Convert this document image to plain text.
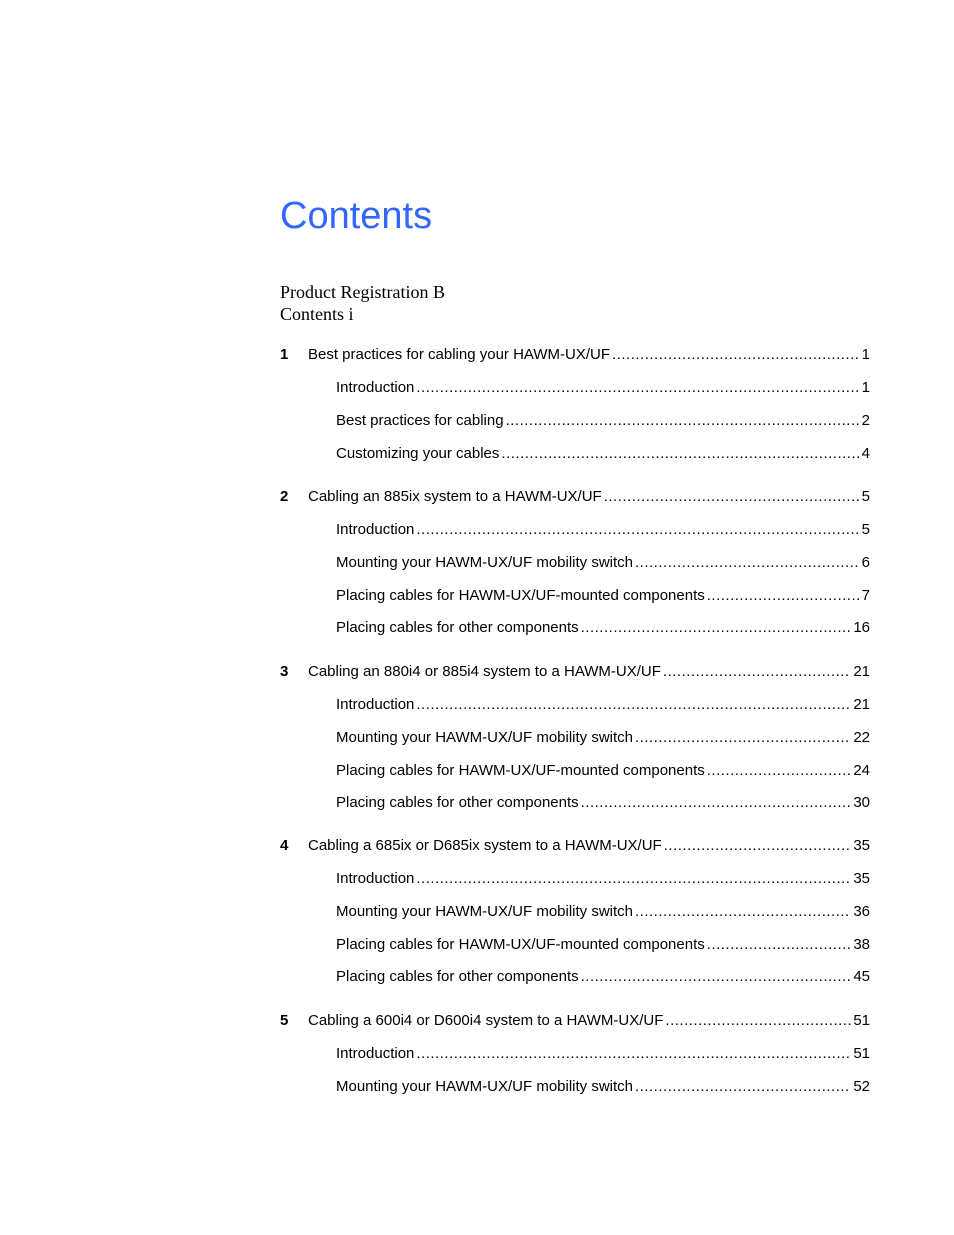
Contents
Product Registration B
Contents i
1 Best practices for cabling your HAWM-UX/UF .....	1
Introduction .....	1
Best practices for cabling .....	2
Customizing your cables .....	4
2 Cabling an 885ix system to a HAWM-UX/UF .....	5
Introduction .....	5
Mounting your HAWM-UX/UF mobility switch .....	6
Placing cables for HAWM-UX/UF-mounted components .....	7
Placing cables for other components .....	16
3 Cabling an 880i4 or 885i4 system to a HAWM-UX/UF .....	21
Introduction .....	21
Mounting your HAWM-UX/UF mobility switch .....	22
Placing cables for HAWM-UX/UF-mounted components .....	24
Placing cables for other components .....	30
4 Cabling a 685ix or D685ix system to a HAWM-UX/UF .....	35
Introduction .....	35
Mounting your HAWM-UX/UF mobility switch .....	36
Placing cables for HAWM-UX/UF-mounted components .....	38
Placing cables for other components .....	45
5 Cabling a 600i4 or D600i4 system to a HAWM-UX/UF .....	51
Introduction .....	51
Mounting your HAWM-UX/UF mobility switch .....	52
